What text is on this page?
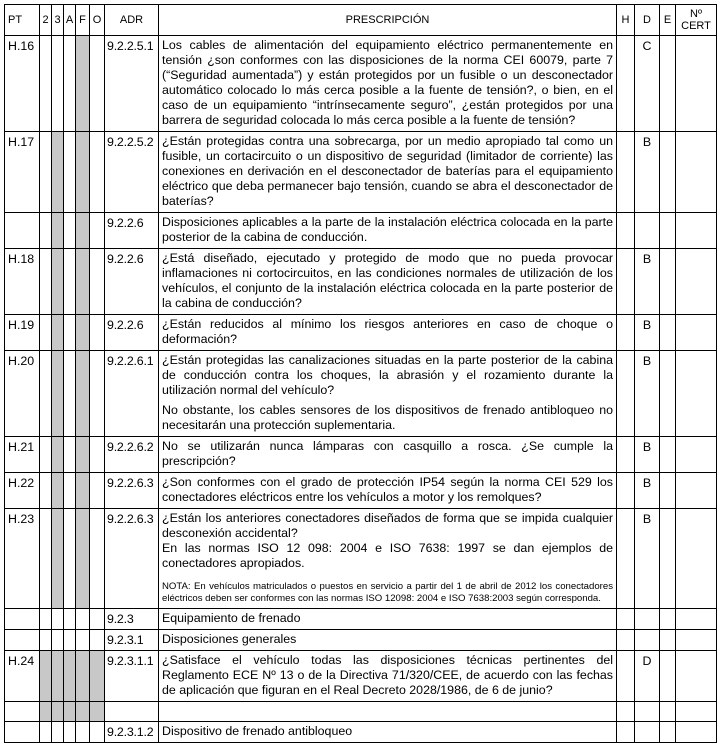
PT	2	3	A	F	O	ADR	PRESCRIPCIÓN	H	D	E	Nº CERT
H.16						9.2.2.5.1	Los cables de alimentación del equipamiento eléctrico permanentemente en tensión ¿son conformes con las disposiciones de la norma CEI 60079, parte 7 (“Seguridad aumentada”) y están protegidos por un fusible o un desconectador automático colocado lo más cerca posible a la fuente de tensión?, o bien, en el caso de un equipamiento “intrínsecamente seguro”, ¿están protegidos por una barrera de seguridad colocada lo más cerca posible a la fuente de tensión?		C		
H.17						9.2.2.5.2	¿Están protegidas contra una sobrecarga, por un medio apropiado tal como un fusible, un cortacircuito o un dispositivo de seguridad (limitador de corriente) las conexiones en derivación en el desconectador de baterías para el equipamiento eléctrico que deba permanecer bajo tensión, cuando se abra el desconectador de baterías?		B		
						9.2.2.6	Disposiciones aplicables a la parte de la instalación eléctrica colocada en la parte posterior de la cabina de conducción.				

H.18						9.2.2.6	¿Está diseñado, ejecutado y protegido de modo que no pueda provocar inflamaciones ni cortocircuitos, en las condiciones normales de utilización de los vehículos, el conjunto de la instalación eléctrica colocada en la parte posterior de la cabina de conducción?		B		
H.19						9.2.2.6	¿Están reducidos al mínimo los riesgos anteriores en caso de choque o deformación?		B		
H.20						9.2.2.6.1	¿Están protegidas las canalizaciones situadas en la parte posterior de la cabina de conducción contra los choques, la abrasión y el rozamiento durante la utilización normal del vehículo?

No obstante, los cables sensores de los dispositivos de frenado antibloqueo no necesitarán una protección suplementaria.		B		
H.21						9.2.2.6.2	No se utilizarán nunca lámparas con casquillo a rosca. ¿Se cumple la prescripción?		B		
H.22						9.2.2.6.3	¿Son conformes con el grado de protección IP54 según la norma CEI 529 los conectadores eléctricos entre los vehículos a motor y los remolques?		B		
H.23						9.2.2.6.3	¿Están los anteriores conectadores diseñados de forma que se impida cualquier desconexión accidental?
En las normas ISO 12 098: 2004 e ISO 7638: 1997 se dan ejemplos de conectadores apropiados.

NOTA: En vehículos matriculados o puestos en servicio a partir del 1 de abril de 2012 los conectadores eléctricos deben ser conformes con las normas ISO 12098: 2004 e ISO 7638:2003 según corresponda.		B		
						9.2.3	Equipamiento de frenado				

						9.2.3.1	Disposiciones generales				

H.24						9.2.3.1.1	¿Satisface el vehículo todas las disposiciones técnicas pertinentes del Reglamento ECE Nº 13 o de la Directiva 71/320/CEE, de acuerdo con las fechas de aplicación que figuran en el Real Decreto 2028/1986, de 6 de junio?		D		

						9.2.3.1.2	Dispositivo de frenado antibloqueo				
